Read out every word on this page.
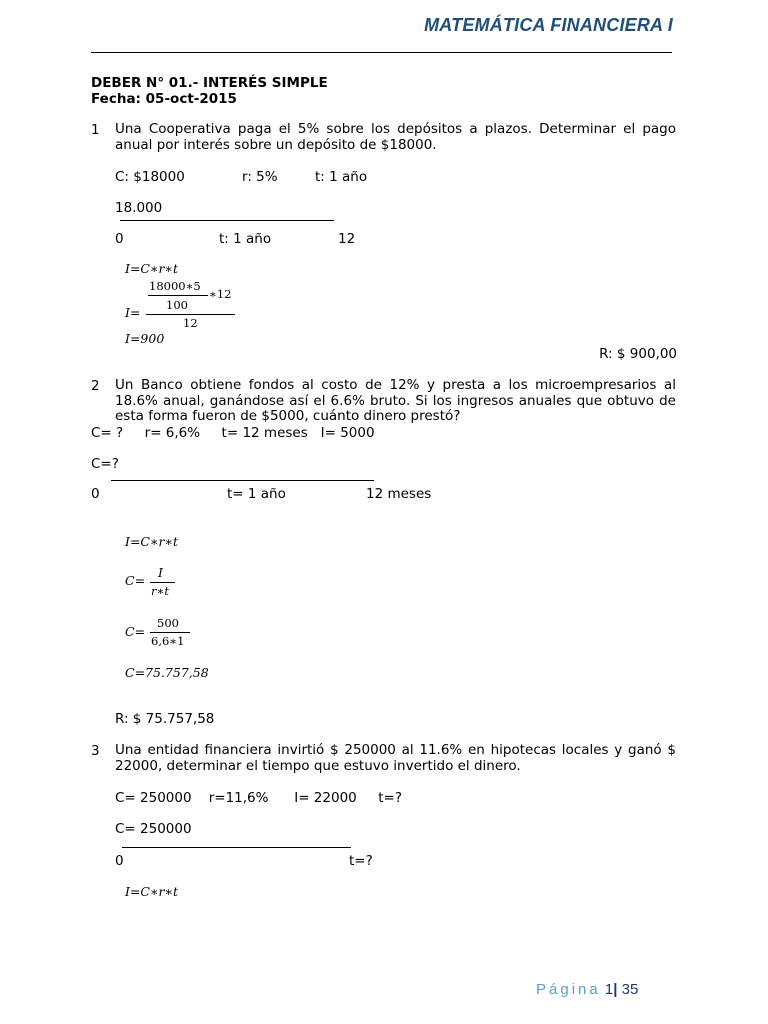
MATEMÁTICA FINANCIERA I
DEBER N° 01.- INTERÉS SIMPLE
Fecha: 05-oct-2015
1 Una Cooperativa paga el 5% sobre los depósitos a plazos. Determinar el pago anual por interés sobre un depósito de $18000.
C: $18000	r: 5%	t: 1 año
18.000
0	t: 1 año	12
I=C∗r∗t
I=
18000∗5
100
∗12
12
I=900
R: $ 900,00
2 Un Banco obtiene fondos al costo de 12% y presta a los microempresarios al 18.6% anual, ganándose así el 6.6% bruto. Si los ingresos anuales que obtuvo de esta forma fueron de $5000, cuánto dinero prestó?
C= ?     r= 6,6%     t= 12 meses   I= 5000
C=?
0	t= 1 año	12 meses
I=C∗r∗t
C=
I
r∗t
C=
500
6,6∗1
C=75.757,58
R: $ 75.757,58
3 Una entidad financiera invirtió $ 250000 al 11.6% en hipotecas locales y ganó $ 22000, determinar el tiempo que estuvo invertido el dinero.
C= 250000    r=11,6%      I= 22000     t=?
C= 250000
0	t=?
I=C∗r∗t
Página 1| 35
